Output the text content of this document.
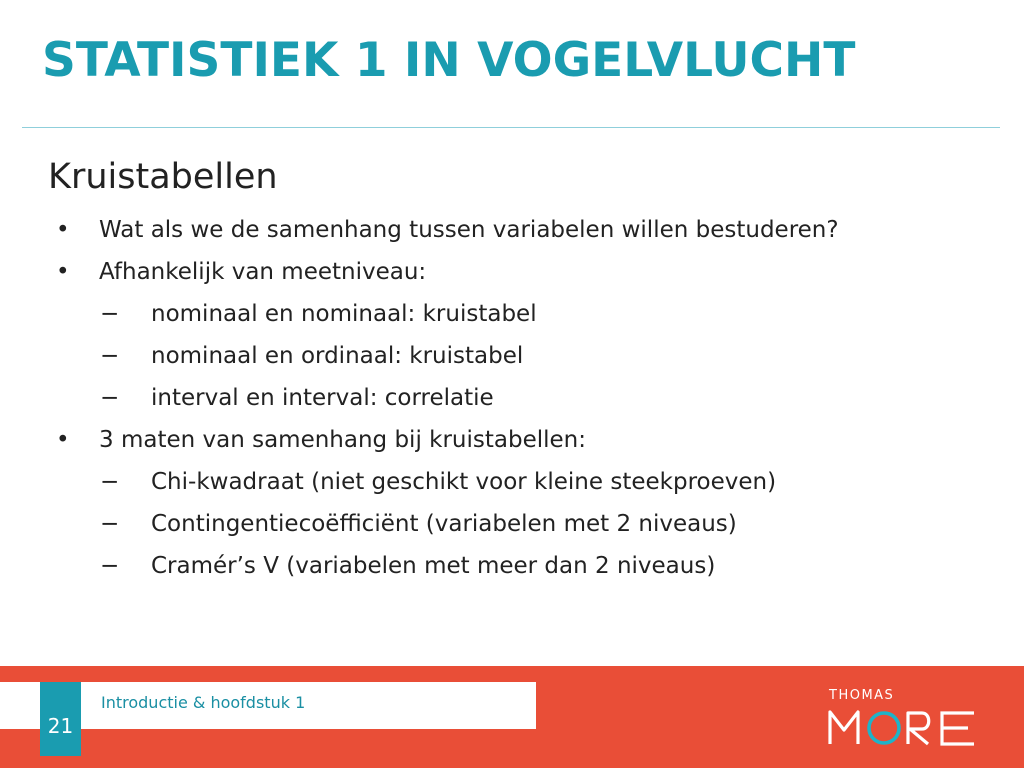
STATISTIEK 1 IN VOGELVLUCHT
Kruistabellen
• Wat als we de samenhang tussen variabelen willen bestuderen?
• Afhankelijk van meetniveau:
− nominaal en nominaal: kruistabel
− nominaal en ordinaal: kruistabel
− interval en interval: correlatie
• 3 maten van samenhang bij kruistabellen:
− Chi-kwadraat (niet geschikt voor kleine steekproeven)
− Contingentiecoëfficiënt (variabelen met 2 niveaus)
− Cramér’s V (variabelen met meer dan 2 niveaus)
Introductie & hoofdstuk 1
21
THOMAS
